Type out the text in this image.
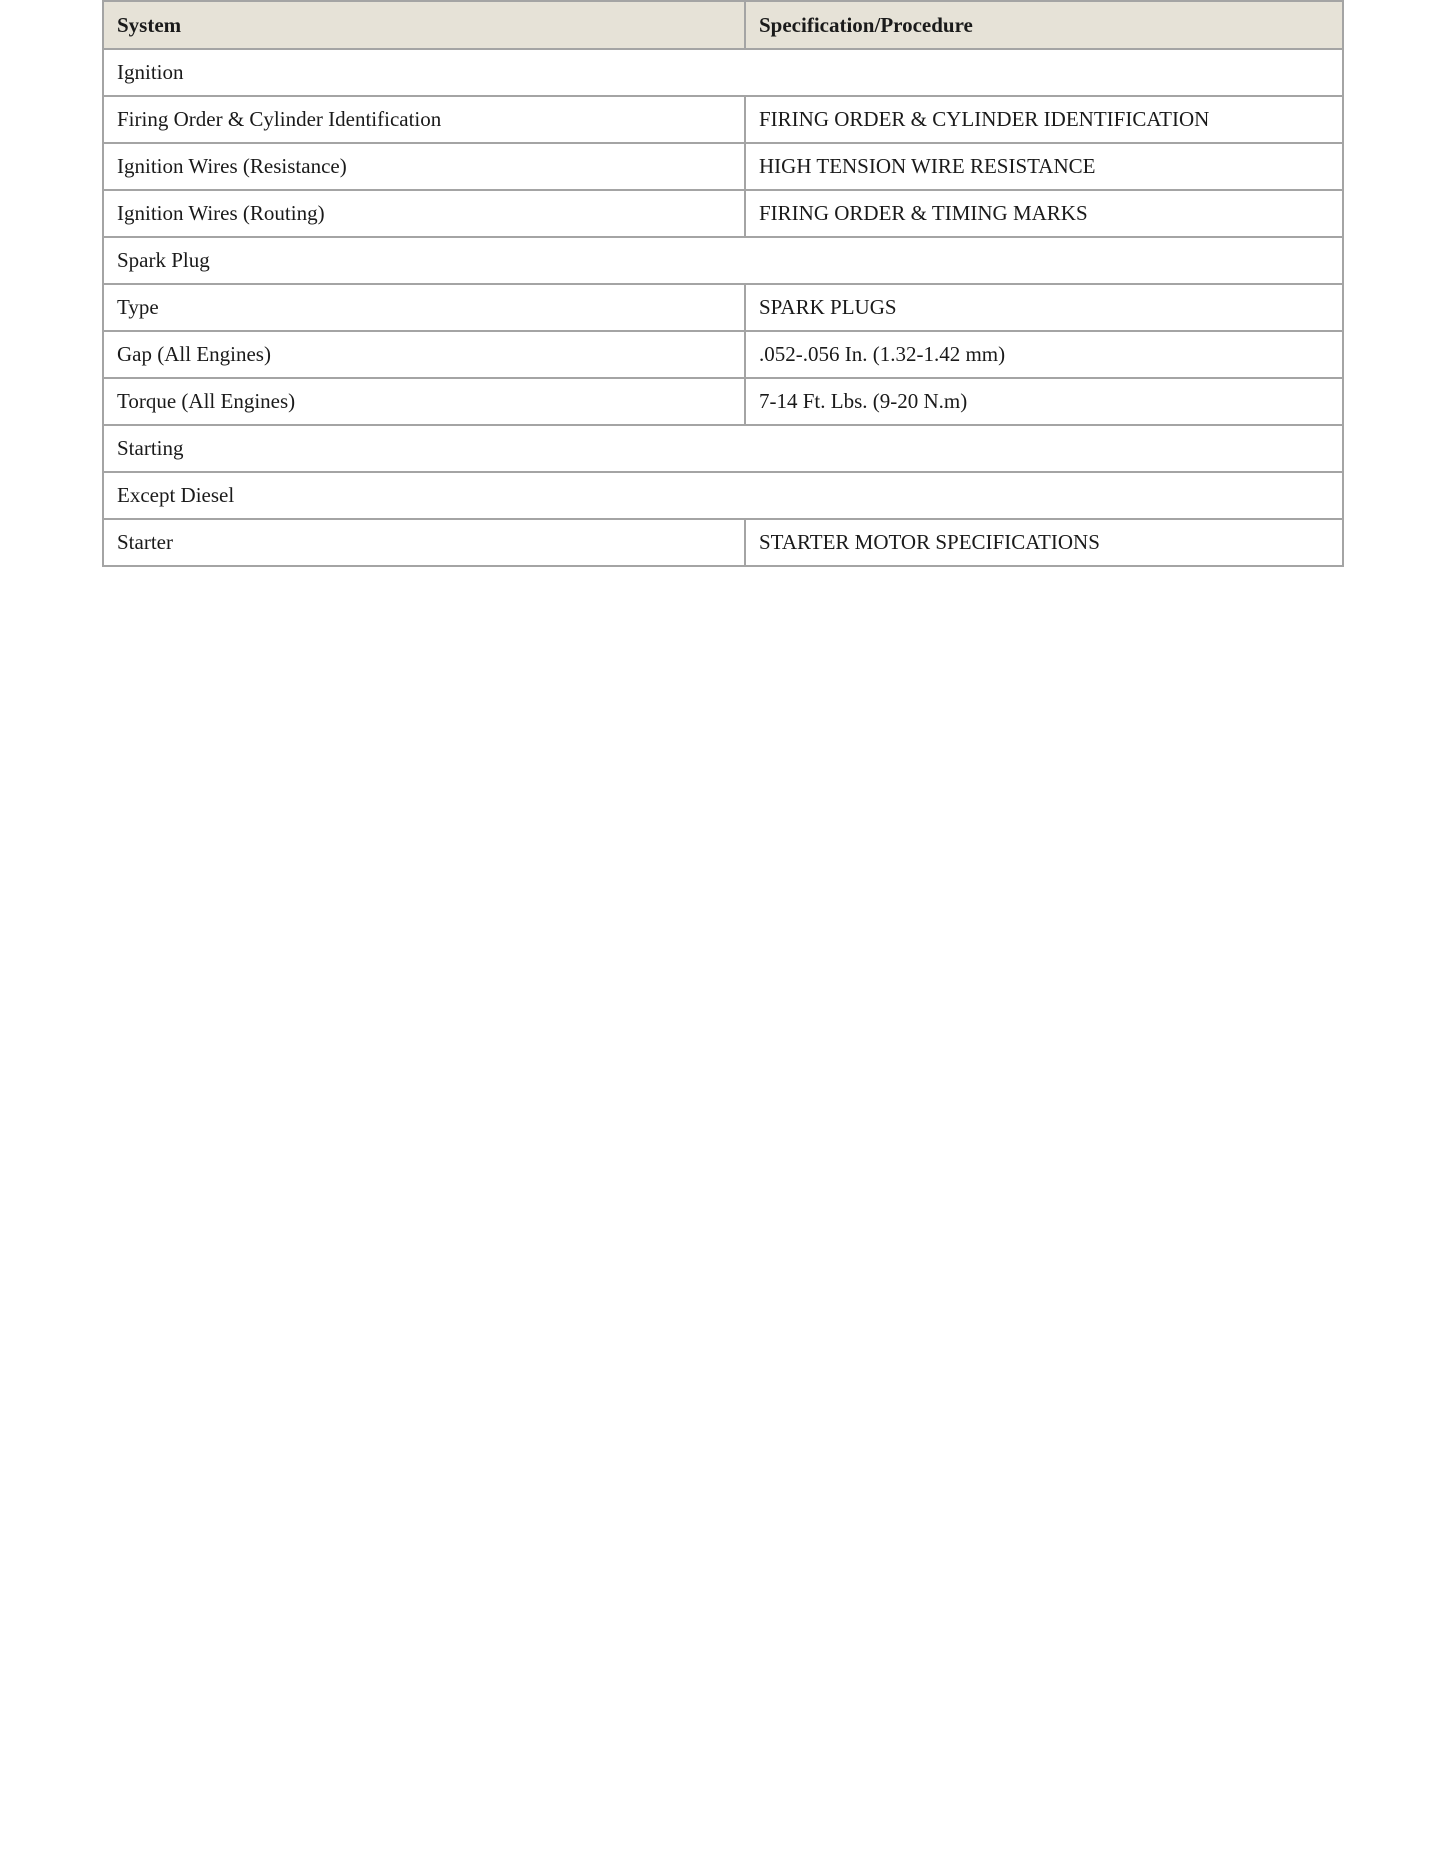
System	Specification/Procedure
Ignition	
Firing Order & Cylinder Identification	FIRING ORDER & CYLINDER IDENTIFICATION
Ignition Wires (Resistance)	HIGH TENSION WIRE RESISTANCE
Ignition Wires (Routing)	FIRING ORDER & TIMING MARKS
Spark Plug	
Type	SPARK PLUGS
Gap (All Engines)	.052-.056 In. (1.32-1.42 mm)
Torque (All Engines)	7-14 Ft. Lbs. (9-20 N.m)
Starting	
Except Diesel	
Starter	STARTER MOTOR SPECIFICATIONS
